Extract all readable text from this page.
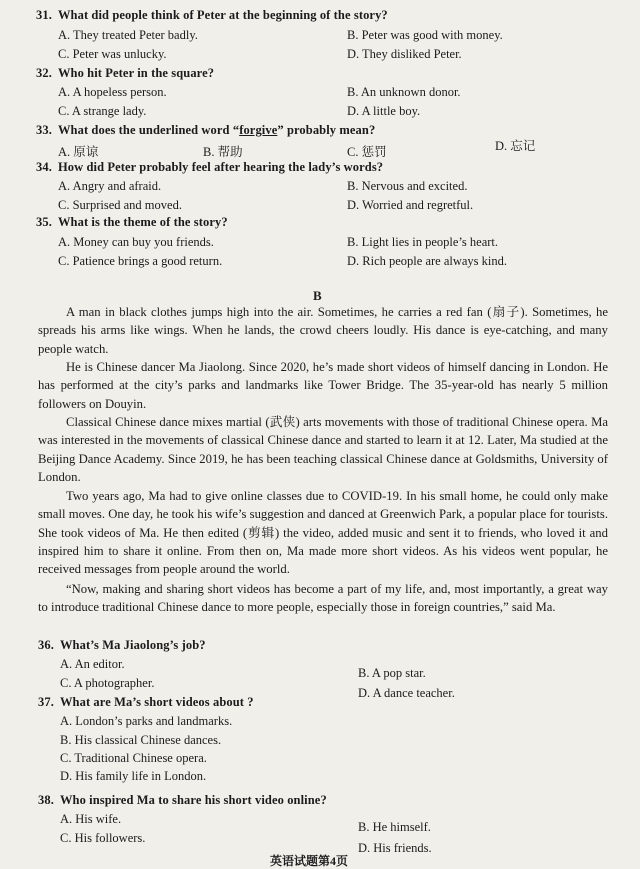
31. What did people think of Peter at the beginning of the story?
A. They treated Peter badly.	B. Peter was good with money.
C. Peter was unlucky.	D. They disliked Peter.
32. Who hit Peter in the square?
A. A hopeless person.	B. An unknown donor.
C. A strange lady.	D. A little boy.
33. What does the underlined word “forgive” probably mean?
A. 原谅	B. 帮助	C. 惩罚	D. 忘记
34. How did Peter probably feel after hearing the lady’s words?
A. Angry and afraid.	B. Nervous and excited.
C. Surprised and moved.	D. Worried and regretful.
35. What is the theme of the story?
A. Money can buy you friends.	B. Light lies in people’s heart.
C. Patience brings a good return.	D. Rich people are always kind.
B
A man in black clothes jumps high into the air. Sometimes, he carries a red fan (扇子). Sometimes, he spreads his arms like wings. When he lands, the crowd cheers loudly. His dance is eye-catching, and many people watch.
He is Chinese dancer Ma Jiaolong. Since 2020, he’s made short videos of himself dancing in London. He has performed at the city’s parks and landmarks like Tower Bridge. The 35-year-old has nearly 5 million followers on Douyin.
Classical Chinese dance mixes martial (武侠) arts movements with those of traditional Chinese opera. Ma was interested in the movements of classical Chinese dance and started to learn it at 12. Later, Ma studied at the Beijing Dance Academy. Since 2019, he has been teaching classical Chinese dance at Goldsmiths, University of London.
Two years ago, Ma had to give online classes due to COVID-19. In his small home, he could only make small moves. One day, he took his wife’s suggestion and danced at Greenwich Park, a popular place for tourists. She took videos of Ma. He then edited (剪辑) the video, added music and sent it to friends, who loved it and inspired him to share it online. From then on, Ma made more short videos. As his videos went popular, he received messages from people around the world.
“Now, making and sharing short videos has become a part of my life, and, most importantly, a great way to introduce traditional Chinese dance to more people, especially those in foreign countries,” said Ma.
36. What’s Ma Jiaolong’s job?
A. An editor.
B. A pop star.
C. A photographer.
D. A dance teacher.
37. What are Ma’s short videos about ?
A. London’s parks and landmarks.
B. His classical Chinese dances.
C. Traditional Chinese opera.
D. His family life in London.
38. Who inspired Ma to share his short video online?
A. His wife.
B. He himself.
C. His followers.
D. His friends.
英语试题第4页
